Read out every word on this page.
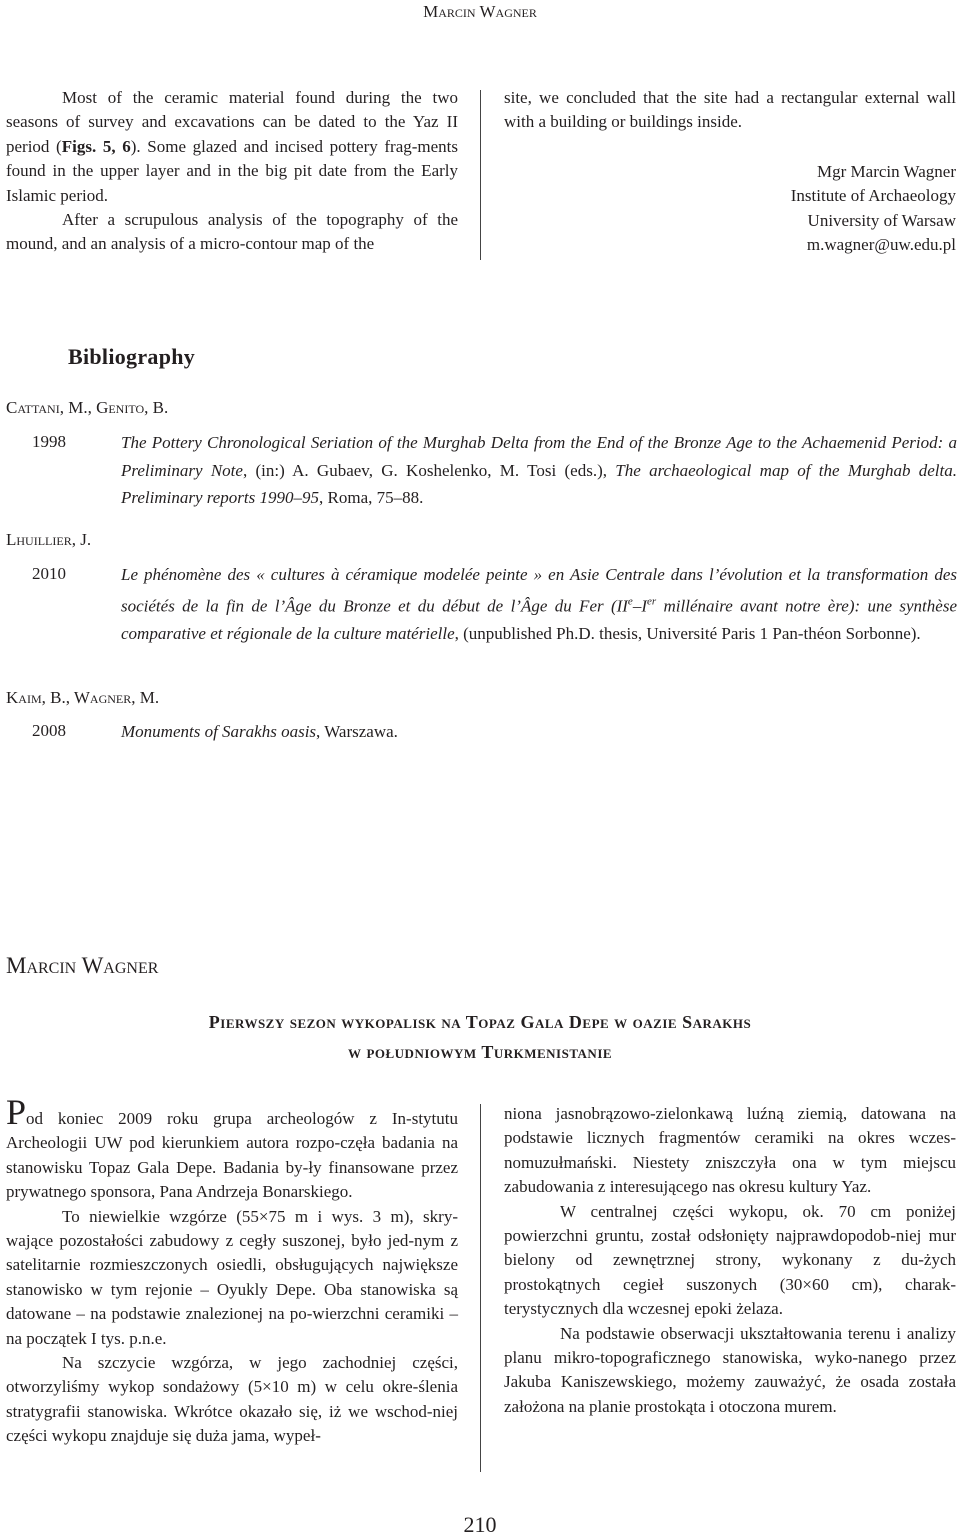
Marcin Wagner

Most of the ceramic material found during the two seasons of survey and excavations can be dated to the Yaz II period (Figs. 5, 6). Some glazed and incised pottery frag-ments found in the upper layer and in the big pit date from the Early Islamic period.

After a scrupulous analysis of the topography of the mound, and an analysis of a micro-contour map of the

site, we concluded that the site had a rectangular external wall with a building or buildings inside.

Mgr Marcin Wagner
Institute of Archaeology
University of Warsaw
m.wagner@uw.edu.pl
Bibliography
Cattani, M., Genito, B.
1998	The Pottery Chronological Seriation of the Murghab Delta from the End of the Bronze Age to the Achaemenid Period: a Preliminary Note, (in:) A. Gubaev, G. Koshelenko, M. Tosi (eds.), The archaeological map of the Murghab delta. Preliminary reports 1990–95, Roma, 75–88.
Lhuillier, J.
2010	Le phénomène des « cultures à céramique modelée peinte » en Asie Centrale dans l’évolution et la transformation des sociétés de la fin de l’Âge du Bronze et du début de l’Âge du Fer (IIe–Ier millénaire avant notre ère): une synthèse comparative et régionale de la culture matérielle, (unpublished Ph.D. thesis, Université Paris 1 Pan-théon Sorbonne).
Kaim, B., Wagner, M.
2008	Monuments of Sarakhs oasis, Warszawa.
Marcin Wagner
Pierwszy sezon wykopalisk na Topaz Gala Depe w oazie Sarakhs
w południowym Turkmenistanie

Pod koniec 2009 roku grupa archeologów z In-stytutu Archeologii UW pod kierunkiem autora rozpo-częła badania na stanowisku Topaz Gala Depe. Badania by-ły finansowane przez prywatnego sponsora, Pana Andrzeja Bonarskiego.

To niewielkie wzgórze (55×75 m i wys. 3 m), skry-wające pozostałości zabudowy z cegły suszonej, było jed-nym z satelitarnie rozmieszczonych osiedli, obsługujących największe stanowisko w tym rejonie – Oyukly Depe. Oba stanowiska są datowane – na podstawie znalezionej na po-wierzchni ceramiki – na początek I tys. p.n.e.

Na szczycie wzgórza, w jego zachodniej części, otworzyliśmy wykop sondażowy (5×10 m) w celu okre-ślenia stratygrafii stanowiska. Wkrótce okazało się, iż we wschod-niej części wykopu znajduje się duża jama, wypeł-

niona jasnobrązowo-zielonkawą luźną ziemią, datowana na podstawie licznych fragmentów ceramiki na okres wczes-nomuzułmański. Niestety zniszczyła ona w tym miejscu zabudowania z interesującego nas okresu kultury Yaz.

W centralnej części wykopu, ok. 70 cm poniżej powierzchni gruntu, został odsłonięty najprawdopodob-niej mur bielony od zewnętrznej strony, wykonany z du-żych prostokątnych cegieł suszonych (30×60 cm), charak-terystycznych dla wczesnej epoki żelaza.

Na podstawie obserwacji ukształtowania terenu i analizy planu mikro-topograficznego stanowiska, wyko-nanego przez Jakuba Kaniszewskiego, możemy zauważyć, że osada została założona na planie prostokąta i otoczona murem.

210
